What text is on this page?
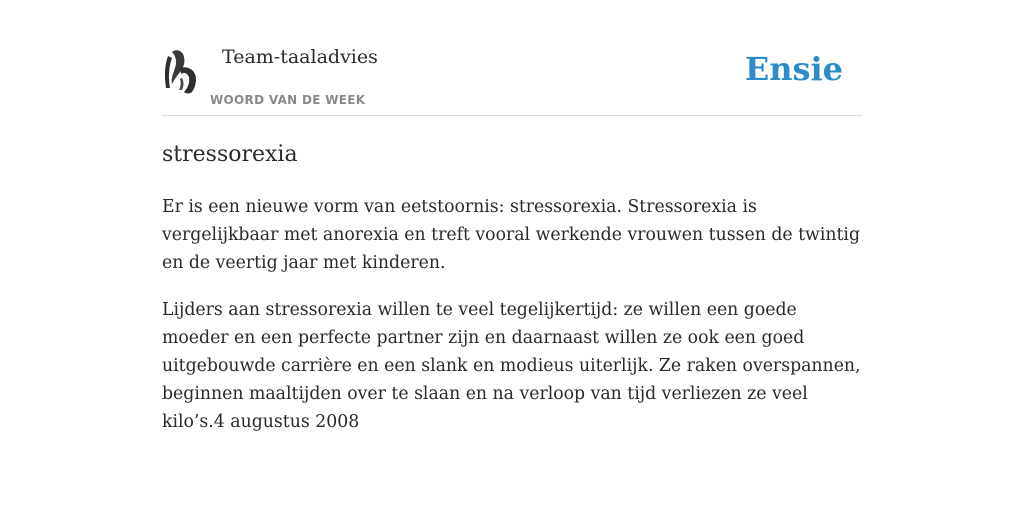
Team-taaladvies
WOORD VAN DE WEEK
Ensie
stressorexia

Er is een nieuwe vorm van eetstoornis: stressorexia. Stressorexia is vergelijkbaar met anorexia en treft vooral werkende vrouwen tussen de twintig en de veertig jaar met kinderen.

Lijders aan stressorexia willen te veel tegelijkertijd: ze willen een goede moeder en een perfecte partner zijn en daarnaast willen ze ook een goed uitgebouwde carrière en een slank en modieus uiterlijk. Ze raken overspannen, beginnen maaltijden over te slaan en na verloop van tijd verliezen ze veel kilo’s.4 augustus 2008
